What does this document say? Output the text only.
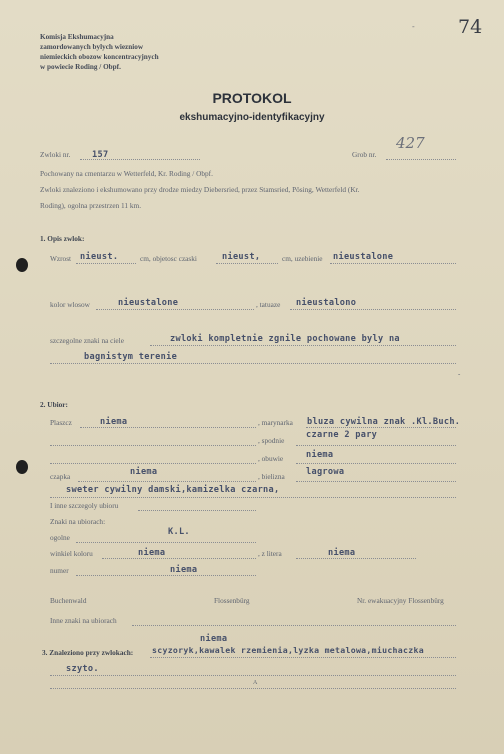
- 74
Komisja Ekshumacyjna
zamordowanych bylych wiezniow
niemieckich obozow koncentracyjnych
w powiecie Roding / Obpf.
PROTOKOL
ekshumacyjno-identyfikacyjny
Zwloki nr.	157	Grob nr.
427
Pochowany na cmentarzu w Wetterfeld, Kr. Roding / Obpf.
Zwloki znaleziono i ekshumowano przy drodze miedzy Diebersried, przez Stamsried, Pösing, Wetterfeld (Kr.
Roding), ogolna przestrzen 11 km.
1. Opis zwlok:
Wzrost nieust.	cm, objetosc czaski	nieust,	cm, uzebienie nieustalone
kolor wlosow	nieustalone	, tatuaze nieustalono
szczegolne znaki na ciele	zwloki kompletnie zgnile pochowane byly na
bagnistym terenie
2. Ubior:
Plaszcz	niema	, marynarka bluza cywilna znak .Kl.Buch.
, spodnie
czarne 2 pary
, obuwie	niema
czapka	niema	, bielizna lagrowa
sweter cywilny damski,kamizelka czarna,
I inne szczegoly ubioru
Znaki na ubiorach:
ogolne
K.L.
winkiel koloru	niema	, z litera	niema
numer	niema
Buchenwald	Flossenbürg	Nr. ewakuacyjny Flossenbürg
Inne znaki na ubiorach
niema
3. Znaleziono przy zwlokach: scyzoryk,kawalek rzemienia,lyzka metalowa,miuchaczka
szyto.
A
-
